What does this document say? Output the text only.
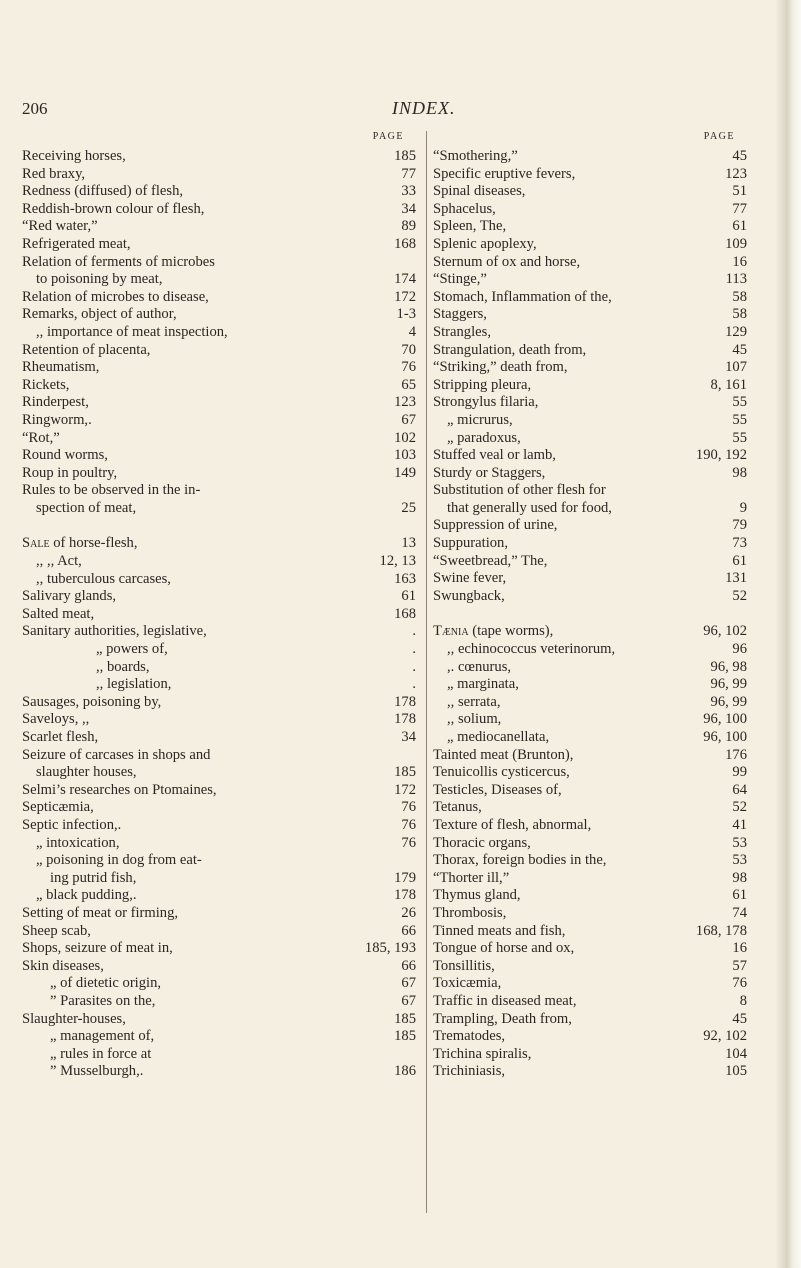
206	INDEX.
PAGE
Receiving horses,	185
Red braxy,	77
Redness (diffused) of flesh,	33
Reddish-brown colour of flesh,	34
“Red water,”	89
Refrigerated meat,	168
Relation of ferments of microbes
to poisoning by meat,	174
Relation of microbes to disease,	172
Remarks, object of author,	1-3
,, importance of meat inspection,	4
Retention of placenta,	70
Rheumatism,	76
Rickets,	65
Rinderpest,	123
Ringworm,.	67
“Rot,”	102
Round worms,	103
Roup in poultry,	149
Rules to be observed in the in-
spection of meat,	25
Sale of horse-flesh,	13
,, ,, Act,	12, 13
,, tuberculous carcases,	163
Salivary glands,	61
Salted meat,	168
Sanitary authorities, legislative,	.
„ powers of,	.
,, boards,	.
,, legislation,	.
Sausages, poisoning by,	178
Saveloys, ,,	178
Scarlet flesh,	34
Seizure of carcases in shops and
slaughter houses,	185
Selmi’s researches on Ptomaines,	172
Septicæmia,	76
Septic infection,.	76
„ intoxication,	76
„ poisoning in dog from eat-
ing putrid fish,	179
„ black pudding,.	178
Setting of meat or firming,	26
Sheep scab,	66
Shops, seizure of meat in,	185, 193
Skin diseases,	66
„ of dietetic origin,	67
” Parasites on the,	67
Slaughter-houses,	185
„ management of,	185
„ rules in force at
” Musselburgh,.	186
PAGE
“Smothering,”	45
Specific eruptive fevers,	123
Spinal diseases,	51
Sphacelus,	77
Spleen, The,	61
Splenic apoplexy,	109
Sternum of ox and horse,	16
“Stinge,”	113
Stomach, Inflammation of the,	58
Staggers,	58
Strangles,	129
Strangulation, death from,	45
“Striking,” death from,	107
Stripping pleura,	8, 161
Strongylus filaria,	55
„ micrurus,	55
„ paradoxus,	55
Stuffed veal or lamb,	190, 192
Sturdy or Staggers,	98
Substitution of other flesh for
that generally used for food,	9
Suppression of urine,	79
Suppuration,	73
“Sweetbread,” The,	61
Swine fever,	131
Swungback,	52
Tænia (tape worms),	96, 102
,, echinococcus veterinorum,	96
,. cœnurus,	96, 98
„ marginata,	96, 99
,, serrata,	96, 99
,, solium,	96, 100
„ mediocanellata,	96, 100
Tainted meat (Brunton),	176
Tenuicollis cysticercus,	99
Testicles, Diseases of,	64
Tetanus,	52
Texture of flesh, abnormal,	41
Thoracic organs,	53
Thorax, foreign bodies in the,	53
“Thorter ill,”	98
Thymus gland,	61
Thrombosis,	74
Tinned meats and fish,	168, 178
Tongue of horse and ox,	16
Tonsillitis,	57
Toxicæmia,	76
Traffic in diseased meat,	8
Trampling, Death from,	45
Trematodes,	92, 102
Trichina spiralis,	104
Trichiniasis,	105
